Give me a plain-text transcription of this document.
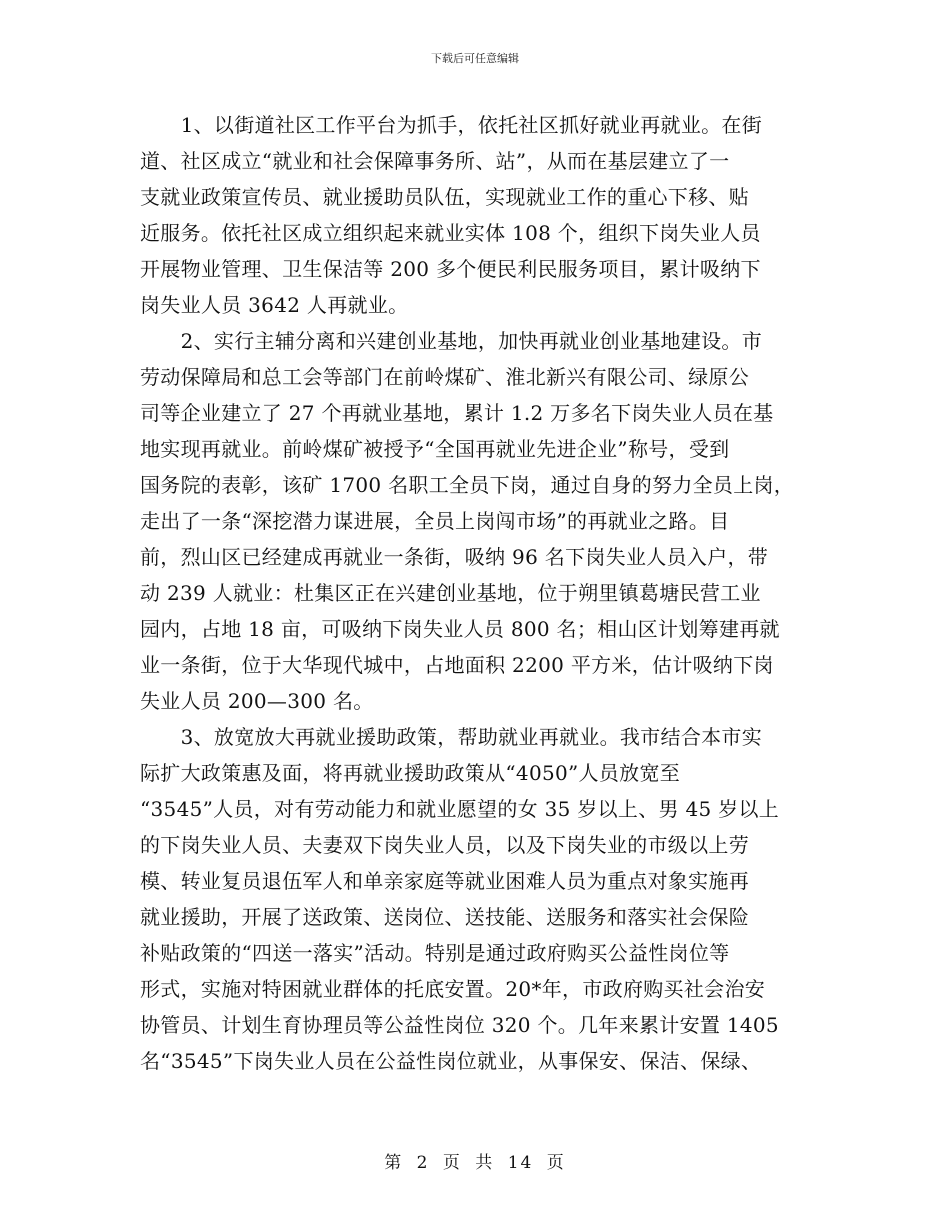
下载后可任意编辑

　　1、以街道社区工作平台为抓手，依托社区抓好就业再就业。在街
道、社区成立“就业和社会保障事务所、站”，从而在基层建立了一
支就业政策宣传员、就业援助员队伍，实现就业工作的重心下移、贴
近服务。依托社区成立组织起来就业实体 108 个，组织下岗失业人员
开展物业管理、卫生保洁等 200 多个便民利民服务项目，累计吸纳下
岗失业人员 3642 人再就业。

　　2、实行主辅分离和兴建创业基地，加快再就业创业基地建设。市
劳动保障局和总工会等部门在前岭煤矿、淮北新兴有限公司、绿原公
司等企业建立了 27 个再就业基地，累计 1.2 万多名下岗失业人员在基
地实现再就业。前岭煤矿被授予“全国再就业先进企业”称号，受到
国务院的表彰，该矿 1700 名职工全员下岗，通过自身的努力全员上岗，
走出了一条“深挖潜力谋进展，全员上岗闯市场”的再就业之路。目
前，烈山区已经建成再就业一条街，吸纳 96 名下岗失业人员入户，带
动 239 人就业：杜集区正在兴建创业基地，位于朔里镇葛塘民营工业
园内，占地 18 亩，可吸纳下岗失业人员 800 名；相山区计划筹建再就
业一条街，位于大华现代城中，占地面积 2200 平方米，估计吸纳下岗
失业人员 200—300 名。

　　3、放宽放大再就业援助政策，帮助就业再就业。我市结合本市实
际扩大政策惠及面，将再就业援助政策从“4050”人员放宽至
“3545”人员，对有劳动能力和就业愿望的女 35 岁以上、男 45 岁以上
的下岗失业人员、夫妻双下岗失业人员，以及下岗失业的市级以上劳
模、转业复员退伍军人和单亲家庭等就业困难人员为重点对象实施再
就业援助，开展了送政策、送岗位、送技能、送服务和落实社会保险
补贴政策的“四送一落实”活动。特别是通过政府购买公益性岗位等
形式，实施对特困就业群体的托底安置。20*年，市政府购买社会治安
协管员、计划生育协理员等公益性岗位 320 个。几年来累计安置 1405
名“3545”下岗失业人员在公益性岗位就业，从事保安、保洁、保绿、

第 2 页 共 14 页
